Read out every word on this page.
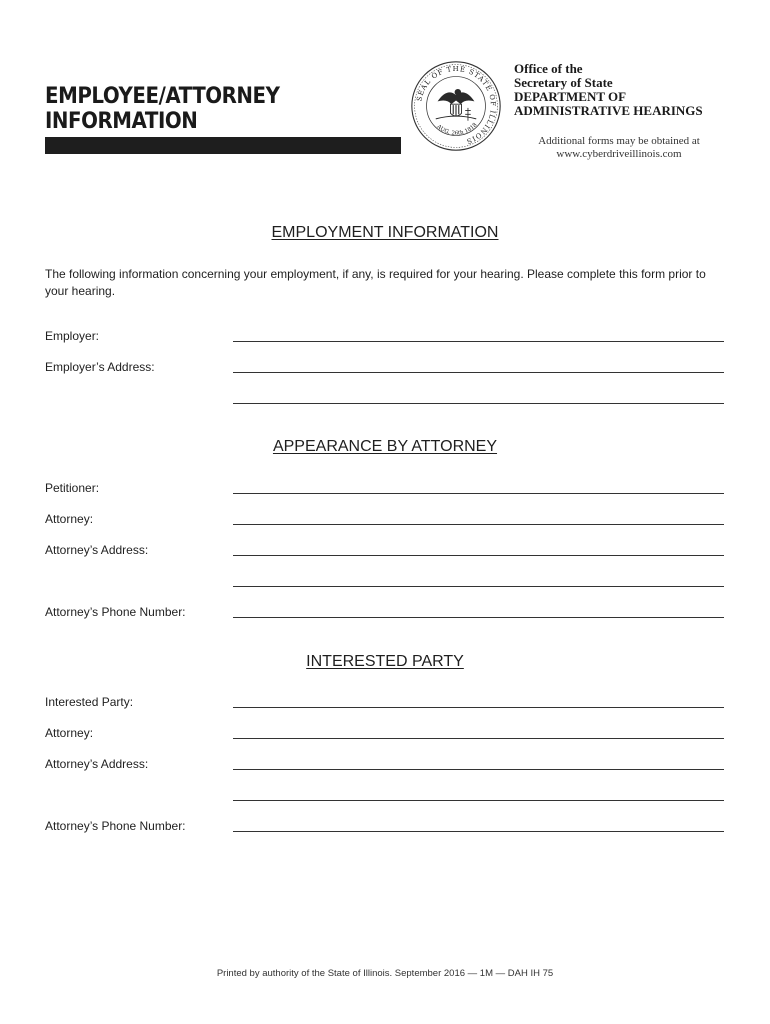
EMPLOYEE/ATTORNEY
INFORMATION
SEAL OF THE STATE OF ILLINOIS
AUG. 26th 1818
Office of the
Secretary of State
DEPARTMENT OF
ADMINISTRATIVE HEARINGS
Additional forms may be obtained at
www.cyberdriveillinois.com
EMPLOYMENT INFORMATION

The following information concerning your employment, if any, is required for your hearing. Please complete this form prior to your hearing.

Employer:
Employer’s Address:
APPEARANCE BY ATTORNEY
Petitioner:
Attorney:
Attorney’s Address:
Attorney’s Phone Number:
INTERESTED PARTY
Interested Party:
Attorney:
Attorney’s Address:
Attorney’s Phone Number:
Printed by authority of the State of Illinois. September 2016 — 1M — DAH IH 75
